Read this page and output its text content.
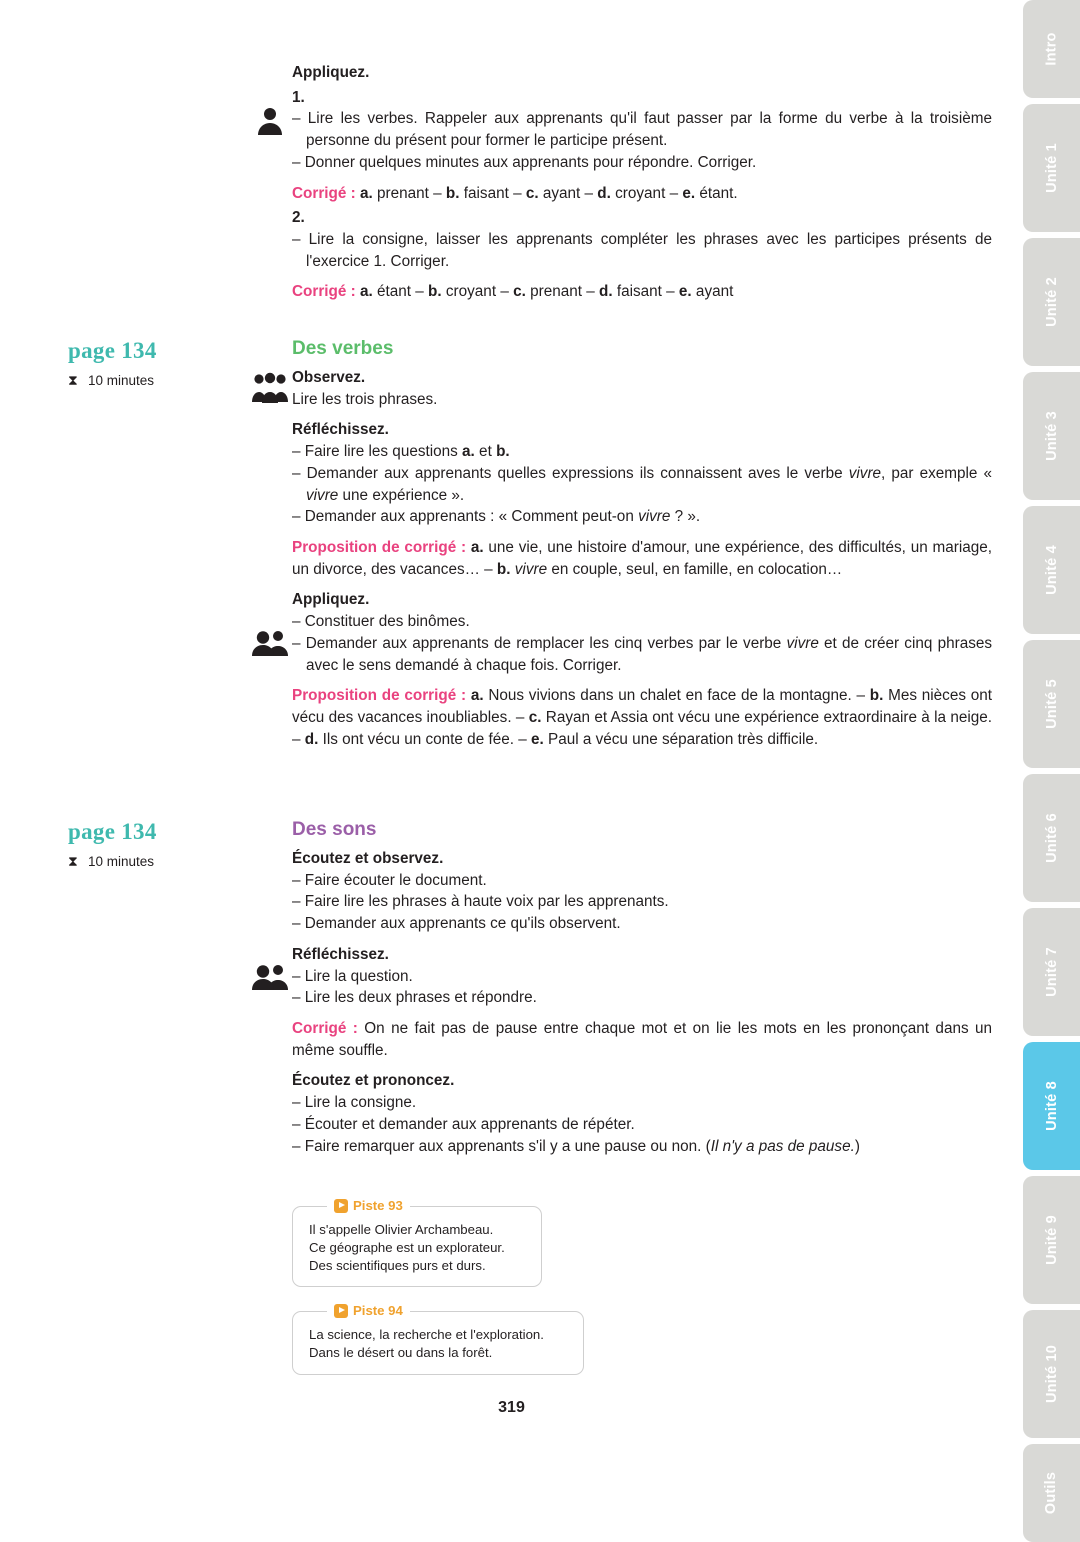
Intro
Unité 1
Unité 2
Unité 3
Unité 4
Unité 5
Unité 6
Unité 7
Unité 8
Unité 9
Unité 10
Outils
page 134
⧗ 10 minutes
page 134
⧗ 10 minutes

Appliquez.

1.

– Lire les verbes. Rappeler aux apprenants qu'il faut passer par la forme du verbe à la troisième personne du présent pour former le participe présent.

– Donner quelques minutes aux apprenants pour répondre. Corriger.

Corrigé : a. prenant – b. faisant – c. ayant – d. croyant – e. étant.

2.

– Lire la consigne, laisser les apprenants compléter les phrases avec les participes présents de l'exercice 1. Corriger.

Corrigé : a. étant – b. croyant – c. prenant – d. faisant – e. ayant

Des verbes

Observez.

Lire les trois phrases.

Réfléchissez.

– Faire lire les questions a. et b.

– Demander aux apprenants quelles expressions ils connaissent aves le verbe vivre, par exemple « vivre une expérience ».

– Demander aux apprenants : « Comment peut-on vivre ? ».

Proposition de corrigé : a. une vie, une histoire d'amour, une expérience, des difficultés, un mariage, un divorce, des vacances… – b. vivre en couple, seul, en famille, en colocation…

Appliquez.

– Constituer des binômes.

– Demander aux apprenants de remplacer les cinq verbes par le verbe vivre et de créer cinq phrases avec le sens demandé à chaque fois. Corriger.

Proposition de corrigé : a. Nous vivions dans un chalet en face de la montagne. – b. Mes nièces ont vécu des vacances inoubliables. – c. Rayan et Assia ont vécu une expérience extraordinaire à la neige. – d. Ils ont vécu un conte de fée. – e. Paul a vécu une séparation très difficile.

Des sons

Écoutez et observez.

– Faire écouter le document.

– Faire lire les phrases à haute voix par les apprenants.

– Demander aux apprenants ce qu'ils observent.

Réfléchissez.

– Lire la question.

– Lire les deux phrases et répondre.

Corrigé : On ne fait pas de pause entre chaque mot et on lie les mots en les prononçant dans un même souffle.

Écoutez et prononcez.

– Lire la consigne.

– Écouter et demander aux apprenants de répéter.

– Faire remarquer aux apprenants s'il y a une pause ou non. (Il n'y a pas de pause.)

Piste 93
Il s'appelle Olivier Archambeau.
Ce géographe est un explorateur.
Des scientifiques purs et durs.
Piste 94
La science, la recherche et l'exploration.
Dans le désert ou dans la forêt.
319
